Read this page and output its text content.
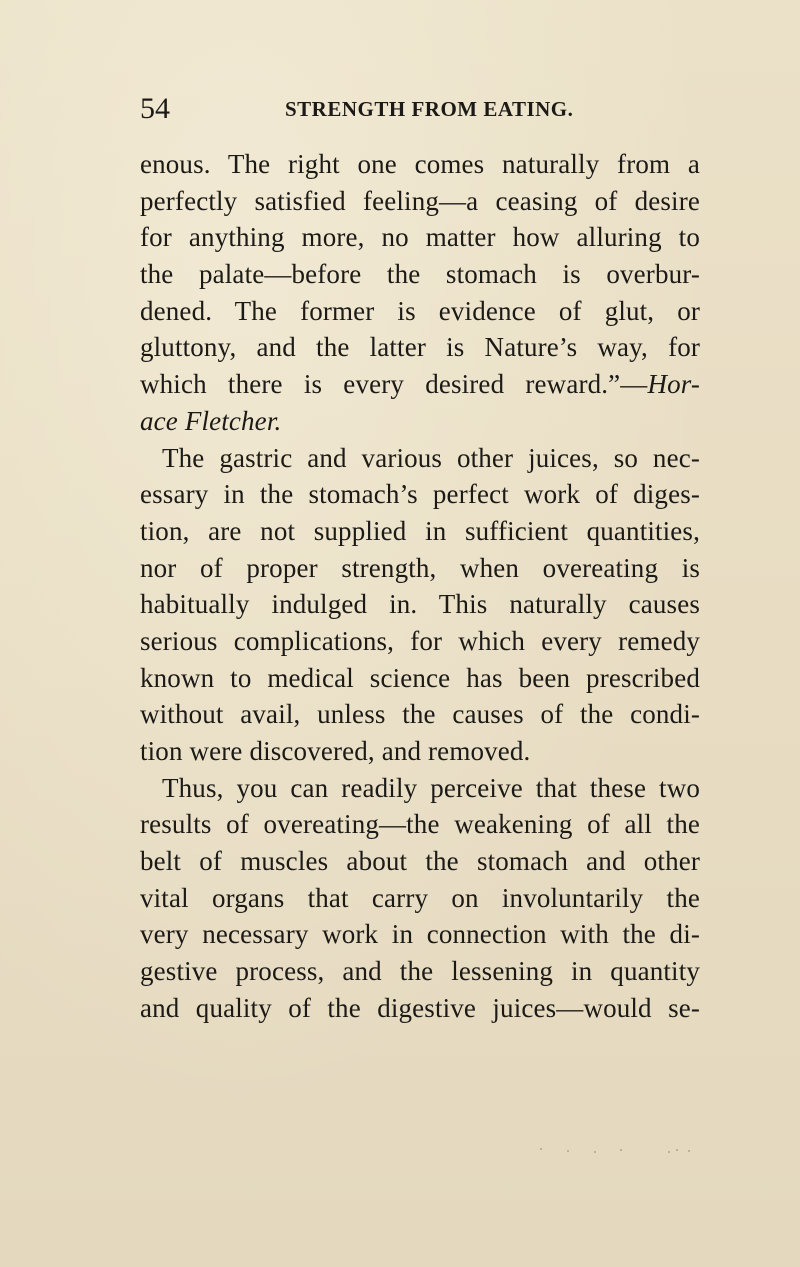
54	STRENGTH FROM EATING.
enous. The right one comes naturally from a
perfectly satisfied feeling—a ceasing of desire
for anything more, no matter how alluring to
the palate—before the stomach is overbur-
dened. The former is evidence of glut, or
gluttony, and the latter is Nature’s way, for
which there is every desired reward.”—Hor-
ace Fletcher.
The gastric and various other juices, so nec-
essary in the stomach’s perfect work of diges-
tion, are not supplied in sufficient quantities,
nor of proper strength, when overeating is
habitually indulged in. This naturally causes
serious complications, for which every remedy
known to medical science has been prescribed
without avail, unless the causes of the condi-
tion were discovered, and removed.
Thus, you can readily perceive that these two
results of overeating—the weakening of all the
belt of muscles about the stomach and other
vital organs that carry on involuntarily the
very necessary work in connection with the di-
gestive process, and the lessening in quantity
and quality of the digestive juices—would se-
